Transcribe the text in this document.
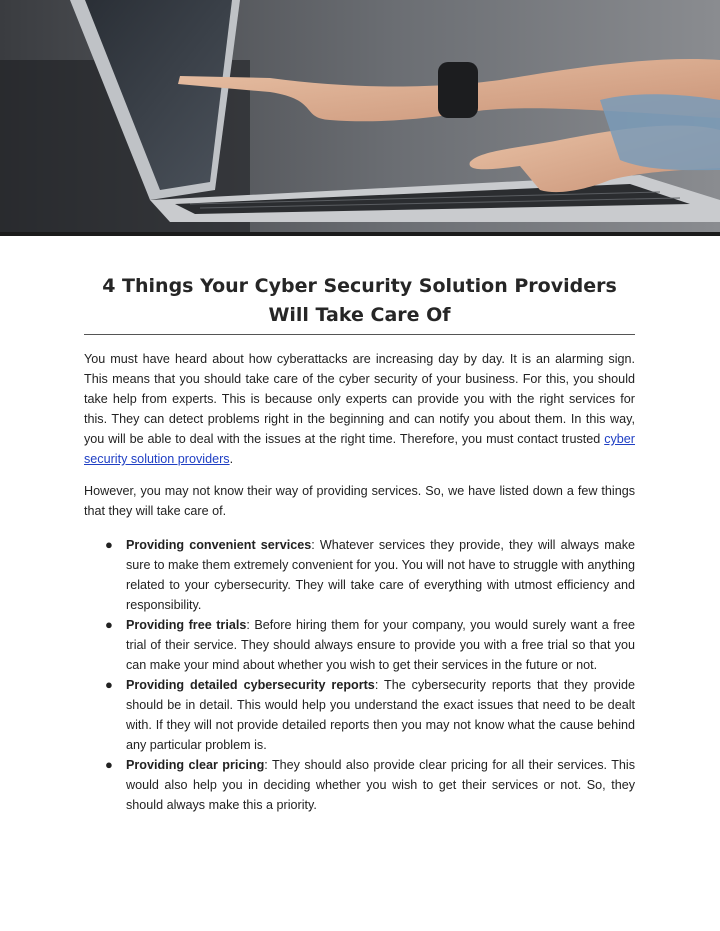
4 Things Your Cyber Security Solution Providers Will Take Care Of

You must have heard about how cyberattacks are increasing day by day. It is an alarming sign. This means that you should take care of the cyber security of your business. For this, you should take help from experts. This is because only experts can provide you with the right services for this. They can detect problems right in the beginning and can notify you about them. In this way, you will be able to deal with the issues at the right time. Therefore, you must contact trusted cyber security solution providers.

However, you may not know their way of providing services. So, we have listed down a few things that they will take care of.

● Providing convenient services: Whatever services they provide, they will always make sure to make them extremely convenient for you. You will not have to struggle with anything related to your cybersecurity. They will take care of everything with utmost efficiency and responsibility.
● Providing free trials: Before hiring them for your company, you would surely want a free trial of their service. They should always ensure to provide you with a free trial so that you can make your mind about whether you wish to get their services in the future or not.
● Providing detailed cybersecurity reports: The cybersecurity reports that they provide should be in detail. This would help you understand the exact issues that need to be dealt with. If they will not provide detailed reports then you may not know what the cause behind any particular problem is.
● Providing clear pricing: They should also provide clear pricing for all their services. This would also help you in deciding whether you wish to get their services or not. So, they should always make this a priority.
